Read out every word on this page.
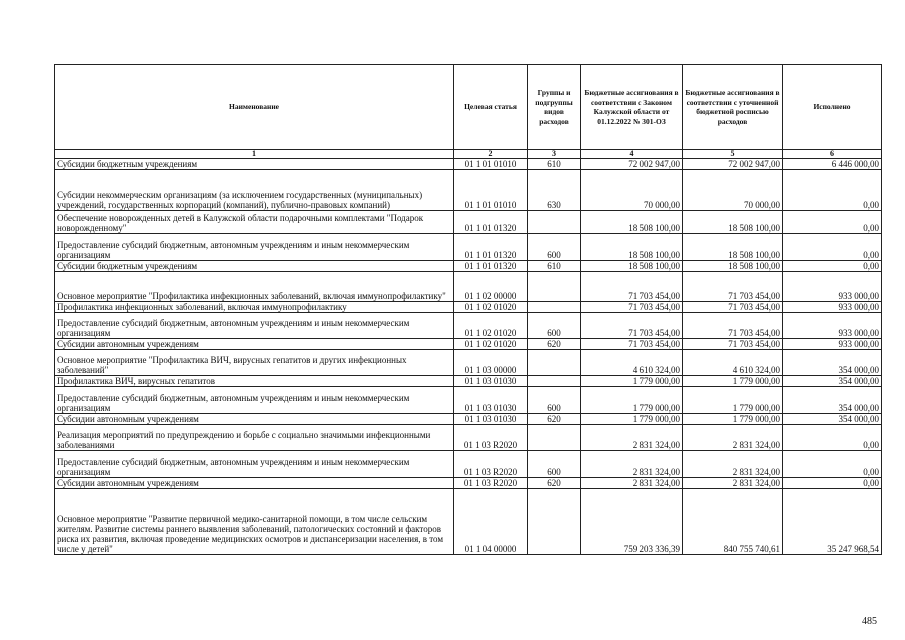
Наименование	Целевая статья	Группы и подгруппы видов расходов	Бюджетные ассигнования в соответствии с Законом Калужской области от 01.12.2022 № 301-ОЗ	Бюджетные ассигнования в соответствии с уточненной бюджетной росписью расходов	Исполнено
1	2	3	4	5	6
Субсидии бюджетным учреждениям	01 1 01 01010	610	72 002 947,00	72 002 947,00	6 446 000,00
Субсидии некоммерческим организациям (за исключением государственных (муниципальных) учреждений, государственных корпораций (компаний), публично-правовых компаний)	01 1 01 01010	630	70 000,00	70 000,00	0,00
Обеспечение новорожденных детей в Калужской области подарочными комплектами "Подарок новорожденному"	01 1 01 01320		18 508 100,00	18 508 100,00	0,00
Предоставление субсидий бюджетным, автономным учреждениям и иным некоммерческим организациям	01 1 01 01320	600	18 508 100,00	18 508 100,00	0,00
Субсидии бюджетным учреждениям	01 1 01 01320	610	18 508 100,00	18 508 100,00	0,00
Основное мероприятие "Профилактика инфекционных заболеваний, включая иммунопрофилактику"	01 1 02 00000		71 703 454,00	71 703 454,00	933 000,00
Профилактика инфекционных заболеваний, включая иммунопрофилактику	01 1 02 01020		71 703 454,00	71 703 454,00	933 000,00
Предоставление субсидий бюджетным, автономным учреждениям и иным некоммерческим организациям	01 1 02 01020	600	71 703 454,00	71 703 454,00	933 000,00
Субсидии автономным учреждениям	01 1 02 01020	620	71 703 454,00	71 703 454,00	933 000,00
Основное мероприятие "Профилактика ВИЧ, вирусных гепатитов и других инфекционных заболеваний"	01 1 03 00000		4 610 324,00	4 610 324,00	354 000,00
Профилактика ВИЧ, вирусных гепатитов	01 1 03 01030		1 779 000,00	1 779 000,00	354 000,00
Предоставление субсидий бюджетным, автономным учреждениям и иным некоммерческим организациям	01 1 03 01030	600	1 779 000,00	1 779 000,00	354 000,00
Субсидии автономным учреждениям	01 1 03 01030	620	1 779 000,00	1 779 000,00	354 000,00
Реализация мероприятий по предупреждению и борьбе с социально значимыми инфекционными заболеваниями	01 1 03 R2020		2 831 324,00	2 831 324,00	0,00
Предоставление субсидий бюджетным, автономным учреждениям и иным некоммерческим организациям	01 1 03 R2020	600	2 831 324,00	2 831 324,00	0,00
Субсидии автономным учреждениям	01 1 03 R2020	620	2 831 324,00	2 831 324,00	0,00
Основное мероприятие "Развитие первичной медико-санитарной помощи, в том числе сельским жителям. Развитие системы раннего выявления заболеваний, патологических состояний и факторов риска их развития, включая проведение медицинских осмотров и диспансеризации населения, в том числе у детей"	01 1 04 00000		759 203 336,39	840 755 740,61	35 247 968,54
485
